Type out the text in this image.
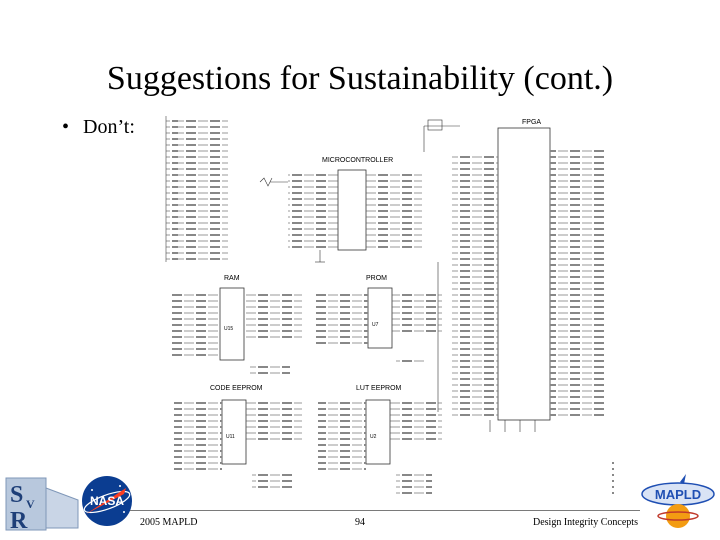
Suggestions for Sustainability (cont.)
• Don’t:
MICROCONTROLLER
FPGA
RAM
U15
PROM
U7
CODE EEPROM
U11
LUT EEPROM
U2
S V
R
NASA	MAPLD
2005 MAPLD	94	Design Integrity Concepts
